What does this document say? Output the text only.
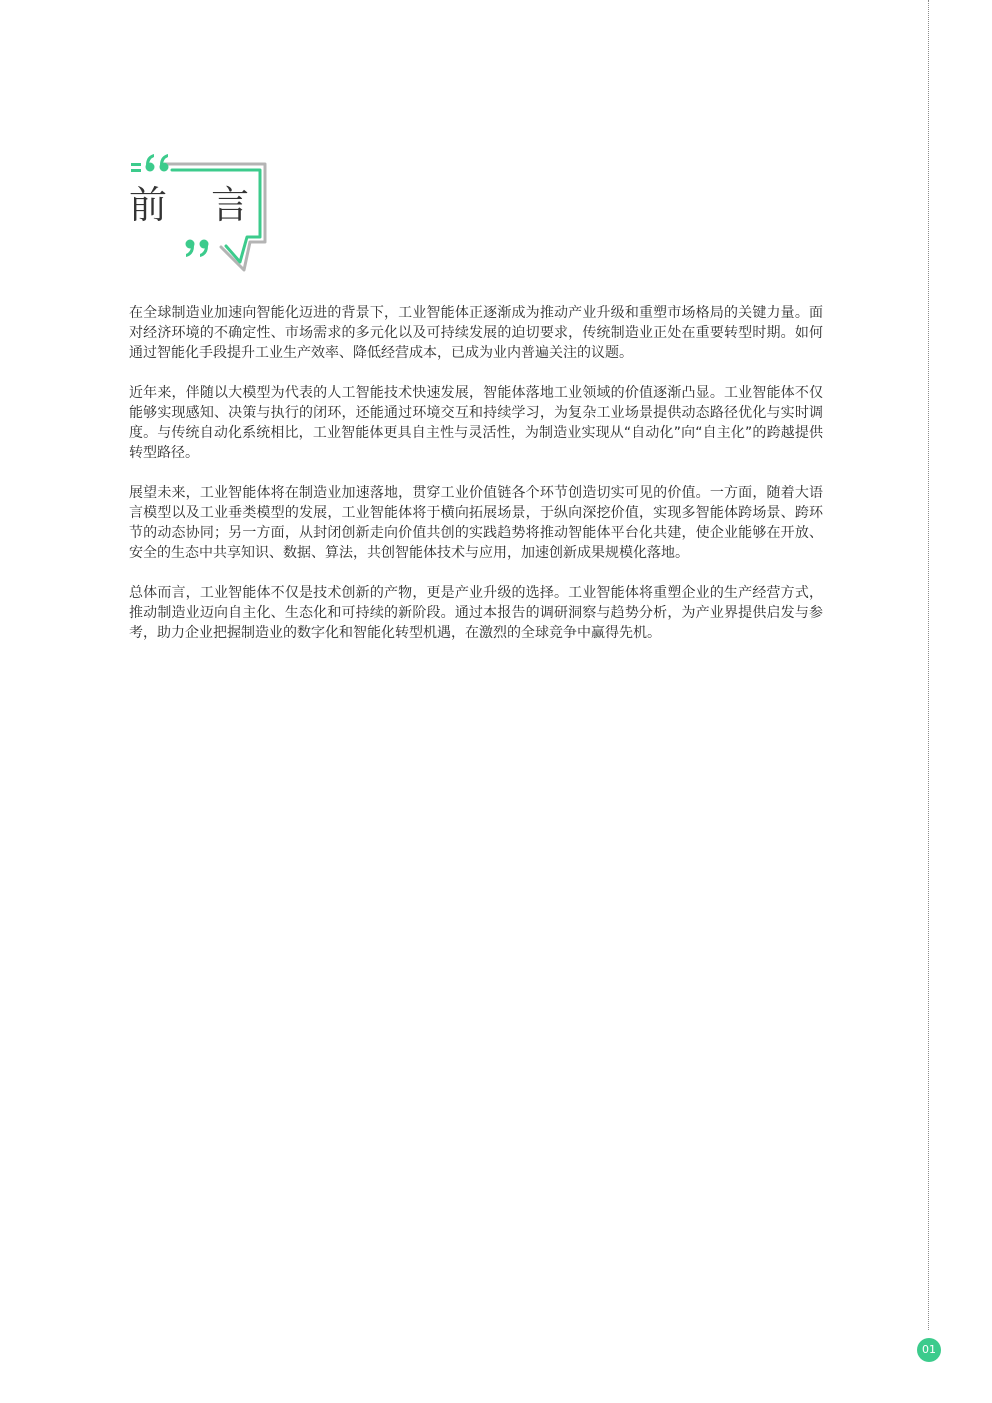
前 言

在全球制造业加速向智能化迈进的背景下，工业智能体正逐渐成为推动产业升级和重塑市场格局的关键力量。面对经济环境的不确定性、市场需求的多元化以及可持续发展的迫切要求，传统制造业正处在重要转型时期。如何通过智能化手段提升工业生产效率、降低经营成本，已成为业内普遍关注的议题。

近年来，伴随以大模型为代表的人工智能技术快速发展，智能体落地工业领域的价值逐渐凸显。工业智能体不仅能够实现感知、决策与执行的闭环，还能通过环境交互和持续学习，为复杂工业场景提供动态路径优化与实时调度。与传统自动化系统相比，工业智能体更具自主性与灵活性，为制造业实现从“自动化”向“自主化”的跨越提供转型路径。

展望未来，工业智能体将在制造业加速落地，贯穿工业价值链各个环节创造切实可见的价值。一方面，随着大语言模型以及工业垂类模型的发展，工业智能体将于横向拓展场景，于纵向深挖价值，实现多智能体跨场景、跨环节的动态协同；另一方面，从封闭创新走向价值共创的实践趋势将推动智能体平台化共建，使企业能够在开放、安全的生态中共享知识、数据、算法，共创智能体技术与应用，加速创新成果规模化落地。

总体而言，工业智能体不仅是技术创新的产物，更是产业升级的选择。工业智能体将重塑企业的生产经营方式，推动制造业迈向自主化、生态化和可持续的新阶段。通过本报告的调研洞察与趋势分析，为产业界提供启发与参考，助力企业把握制造业的数字化和智能化转型机遇，在激烈的全球竞争中赢得先机。

01
